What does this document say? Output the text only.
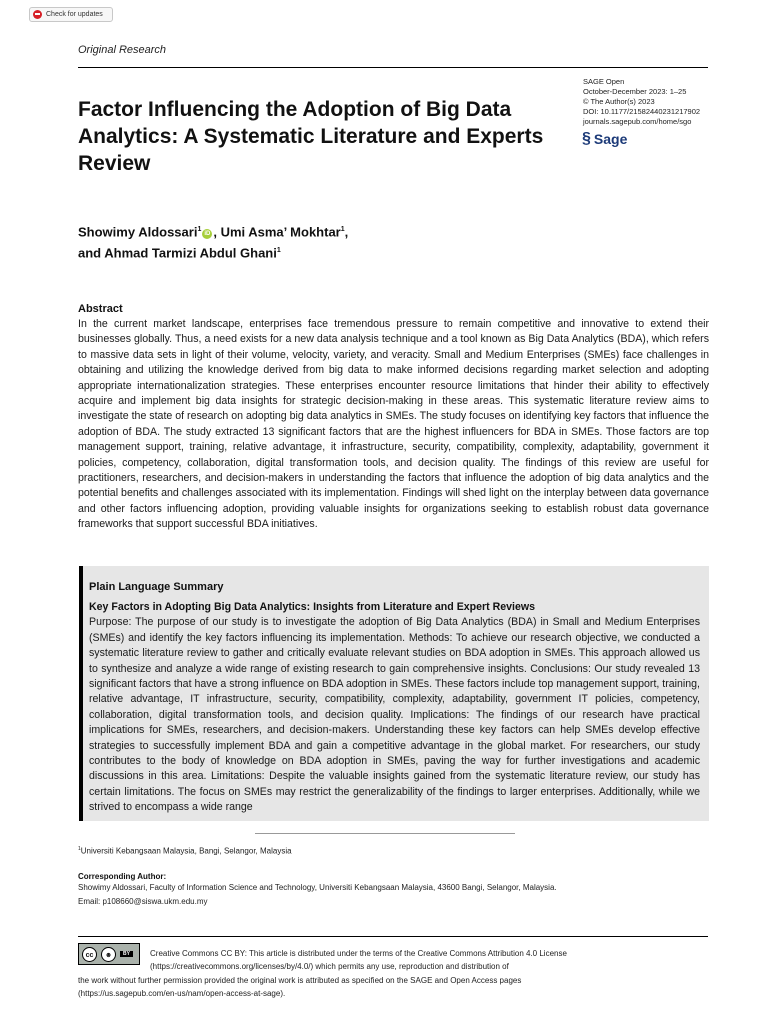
Check for updates
Original Research
Factor Influencing the Adoption of Big Data Analytics: A Systematic Literature and Experts Review
SAGE Open
October-December 2023: 1–25
© The Author(s) 2023
DOI: 10.1177/21582440231217902
journals.sagepub.com/home/sgo
§ Sage
Showimy Aldossari$^1$iD , Umi Asma’ Mokhtar$^1$,
and Ahmad Tarmizi Abdul Ghani$^1$
Abstract

In the current market landscape, enterprises face tremendous pressure to remain competitive and innovative to extend their businesses globally. Thus, a need exists for a new data analysis technique and a tool known as Big Data Analytics (BDA), which refers to massive data sets in light of their volume, velocity, variety, and veracity. Small and Medium Enterprises (SMEs) face challenges in obtaining and utilizing the knowledge derived from big data to make informed decisions regarding market selection and adopting appropriate internationalization strategies. These enterprises encounter resource limitations that hinder their ability to effectively acquire and implement big data insights for strategic decision-making in these areas. This systematic literature review aims to investigate the state of research on adopting big data analytics in SMEs. The study focuses on identifying key factors that influence the adoption of BDA. The study extracted 13 significant factors that are the highest influencers for BDA in SMEs. Those factors are top management support, training, relative advantage, it infrastructure, security, compatibility, complexity, adaptability, government it policies, competency, collaboration, digital transformation tools, and decision quality. The findings of this review are useful for practitioners, researchers, and decision-makers in understanding the factors that influence the adoption of big data analytics and the potential benefits and challenges associated with its implementation. Findings will shed light on the interplay between data governance and other factors influencing adoption, providing valuable insights for organizations seeking to establish robust data governance frameworks that support successful BDA initiatives.

Plain Language Summary
Key Factors in Adopting Big Data Analytics: Insights from Literature and Expert Reviews

Purpose: The purpose of our study is to investigate the adoption of Big Data Analytics (BDA) in Small and Medium Enterprises (SMEs) and identify the key factors influencing its implementation. Methods: To achieve our research objective, we conducted a systematic literature review to gather and critically evaluate relevant studies on BDA adoption in SMEs. This approach allowed us to synthesize and analyze a wide range of existing research to gain comprehensive insights. Conclusions: Our study revealed 13 significant factors that have a strong influence on BDA adoption in SMEs. These factors include top management support, training, relative advantage, IT infrastructure, security, compatibility, complexity, adaptability, government IT policies, competency, collaboration, digital transformation tools, and decision quality. Implications: The findings of our research have practical implications for SMEs, researchers, and decision-makers. Understanding these key factors can help SMEs develop effective strategies to successfully implement BDA and gain a competitive advantage in the global market. For researchers, our study contributes to the body of knowledge on BDA adoption in SMEs, paving the way for further investigations and academic discussions in this area. Limitations: Despite the valuable insights gained from the systematic literature review, our study has certain limitations. The focus on SMEs may restrict the generalizability of the findings to larger enterprises. Additionally, while we strived to encompass a wide range

$^1$Universiti Kebangsaan Malaysia, Bangi, Selangor, Malaysia
Corresponding Author:
Showimy Aldossari, Faculty of Information Science and Technology, Universiti Kebangsaan Malaysia, 43600 Bangi, Selangor, Malaysia.
Email: p108660@siswa.ukm.edu.my
cc	☻	BY	Creative Commons CC BY: This article is distributed under the terms of the Creative Commons Attribution 4.0 License
(https://creativecommons.org/licenses/by/4.0/) which permits any use, reproduction and distribution of
the work without further permission provided the original work is attributed as specified on the SAGE and Open Access pages
(https://us.sagepub.com/en-us/nam/open-access-at-sage).
